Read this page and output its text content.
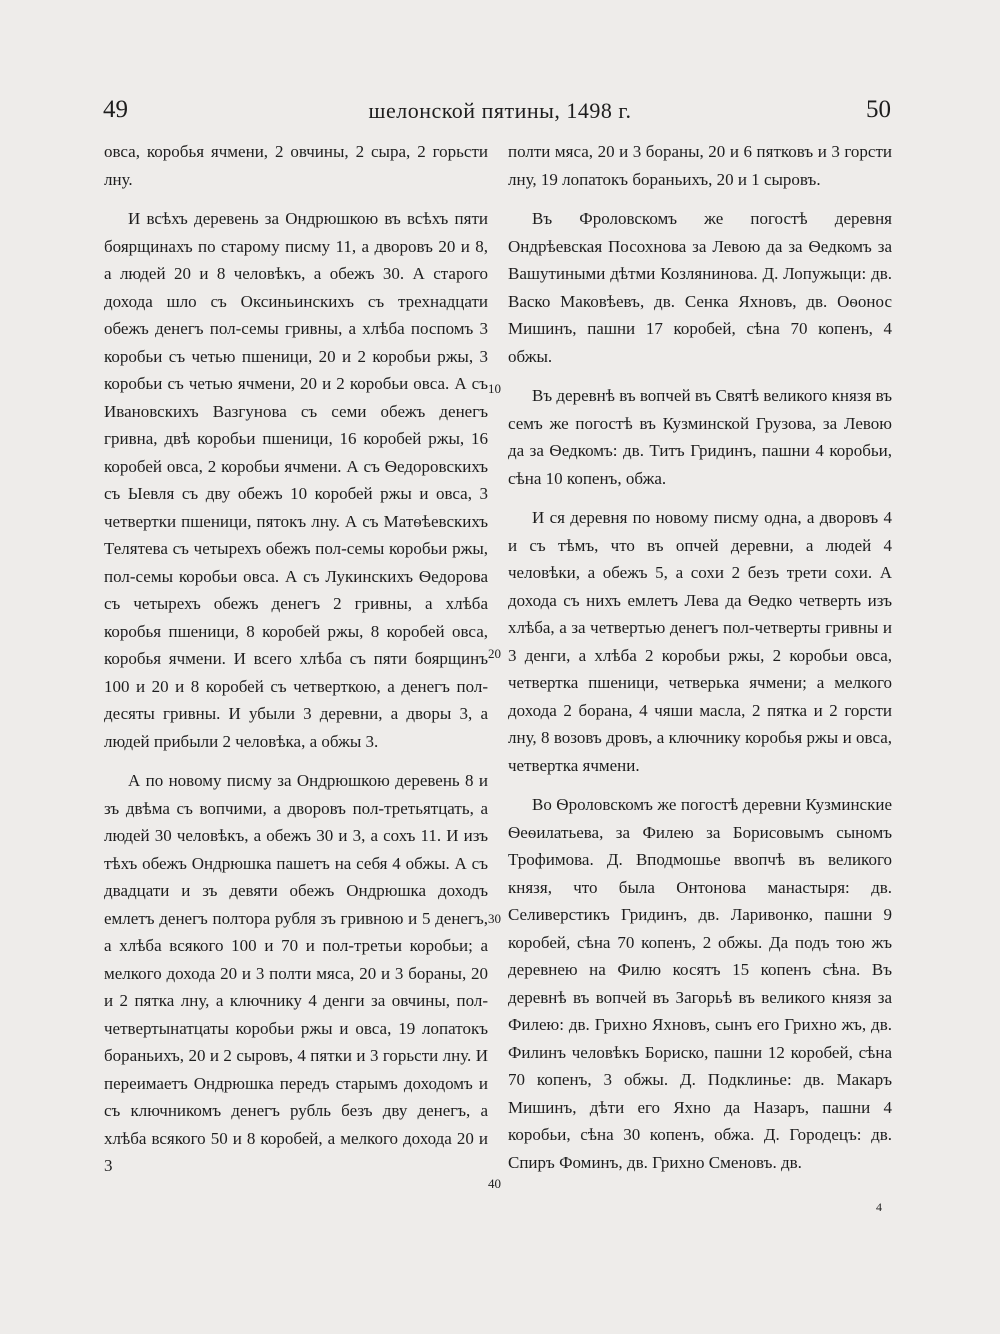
49	шелонской пятины, 1498 г.	50

овса, коробья ячмени, 2 овчины, 2 сыра, 2 горьсти лну.

И всѣхъ деревень за Ондрюшкою въ всѣхъ пяти боярщинахъ по старому писму 11, а дворовъ 20 и 8, а людей 20 и 8 человѣкъ, а обежъ 30. А старого дохода шло съ Оксиньинскихъ съ трехнадцати обежъ денегъ пол-семы гривны, а хлѣба поспомъ 3 коробьи съ четью пшеници, 20 и 2 коробьи ржы, 3 коробьи съ четью ячмени, 20 и 2 коробьи овса. А съ Ивановскихъ Вазгунова съ семи обежъ денегъ гривна, двѣ коробьи пшеници, 16 коробей ржы, 16 коробей овса, 2 коробьи ячмени. А съ Ѳедоровскихъ съ Ыевля съ дву обежъ 10 коробей ржы и овса, 3 четвертки пшеници, пятокъ лну. А съ Матѳѣевскихъ Телятева съ четырехъ обежъ пол-семы коробьи ржы, пол-семы коробьи овса. А съ Лукинскихъ Ѳедорова съ четырехъ обежъ денегъ 2 гривны, а хлѣба коробья пшеници, 8 коробей ржы, 8 коробей овса, коробья ячмени. И всего хлѣба съ пяти боярщинъ 100 и 20 и 8 коробей съ четверткою, а денегъ пол-десяты гривны. И убыли 3 деревни, а дворы 3, а людей прибыли 2 человѣка, а обжы 3.

А по новому писму за Ондрюшкою деревень 8 и зъ двѣма съ вопчими, а дворовъ пол-третьятцать, а людей 30 человѣкъ, а обежъ 30 и 3, а сохъ 11. И изъ тѣхъ обежъ Ондрюшка пашетъ на себя 4 обжы. А съ двадцати и зъ девяти обежъ Ондрюшка доходъ емлетъ денегъ полтора рубля зъ гривною и 5 денегъ, а хлѣба всякого 100 и 70 и пол-третьи коробьи; а мелкого дохода 20 и 3 полти мяса, 20 и 3 бораны, 20 и 2 пятка лну, а ключнику 4 денги за овчины, пол-четвертынатцаты коробьи ржы и овса, 19 лопатокъ бораньихъ, 20 и 2 сыровъ, 4 пятки и 3 горьсти лну. И переимаетъ Ондрюшка передъ старымъ доходомъ и съ ключникомъ денегъ рубль безъ дву денегъ, а хлѣба всякого 50 и 8 коробей, а мелкого дохода 20 и 3

10
20
30
40

полти мяса, 20 и 3 бораны, 20 и 6 пятковъ и 3 горсти лну, 19 лопатокъ бораньихъ, 20 и 1 сыровъ.

Въ Фроловскомъ же погостѣ деревня Ондрѣевская Посохнова за Левою да за Ѳедкомъ за Вашутиными дѣтми Козлянинова. Д. Лопужыци: дв. Васко Маковѣевъ, дв. Сенка Яхновъ, дв. Оѳонос Мишинъ, пашни 17 коробей, сѣна 70 копенъ, 4 обжы.

Въ деревнѣ въ вопчей въ Святѣ великого князя въ семъ же погостѣ въ Кузминской Грузова, за Левою да за Ѳедкомъ: дв. Титъ Гридинъ, пашни 4 коробьи, сѣна 10 копенъ, обжа.

И ся деревня по новому писму одна, а дворовъ 4 и съ тѣмъ, что въ опчей деревни, а людей 4 человѣки, а обежъ 5, а сохи 2 безъ трети сохи. А дохода съ нихъ емлетъ Лева да Ѳедко четверть изъ хлѣба, а за четвертью денегъ пол-четверты гривны и 3 денги, а хлѣба 2 коробьи ржы, 2 коробьи овса, четвертка пшеници, четверька ячмени; а мелкого дохода 2 борана, 4 чяши масла, 2 пятка и 2 горсти лну, 8 возовъ дровъ, а ключнику коробья ржы и овса, четвертка ячмени.

Во Ѳроловскомъ же погостѣ деревни Кузминские Ѳеѳилатьева, за Филею за Борисовымъ сыномъ Трофимова. Д. Вподмошье ввопчѣ въ великого князя, что была Онтонова манастыря: дв. Селиверстикъ Гридинъ, дв. Ларивонко, пашни 9 коробей, сѣна 70 копенъ, 2 обжы. Да подъ тою жъ деревнею на Филю косятъ 15 копенъ сѣна. Въ деревнѣ въ вопчей въ Загорьѣ въ великого князя за Филею: дв. Грихно Яхновъ, сынъ его Грихно жъ, дв. Филинъ человѣкъ Бориско, пашни 12 коробей, сѣна 70 копенъ, 3 обжы. Д. Подклинье: дв. Макаръ Мишинъ, дѣти его Яхно да Назаръ, пашни 4 коробьи, сѣна 30 копенъ, обжа. Д. Городецъ: дв. Спиръ Фоминъ, дв. Грихно Сменовъ. дв.

4
